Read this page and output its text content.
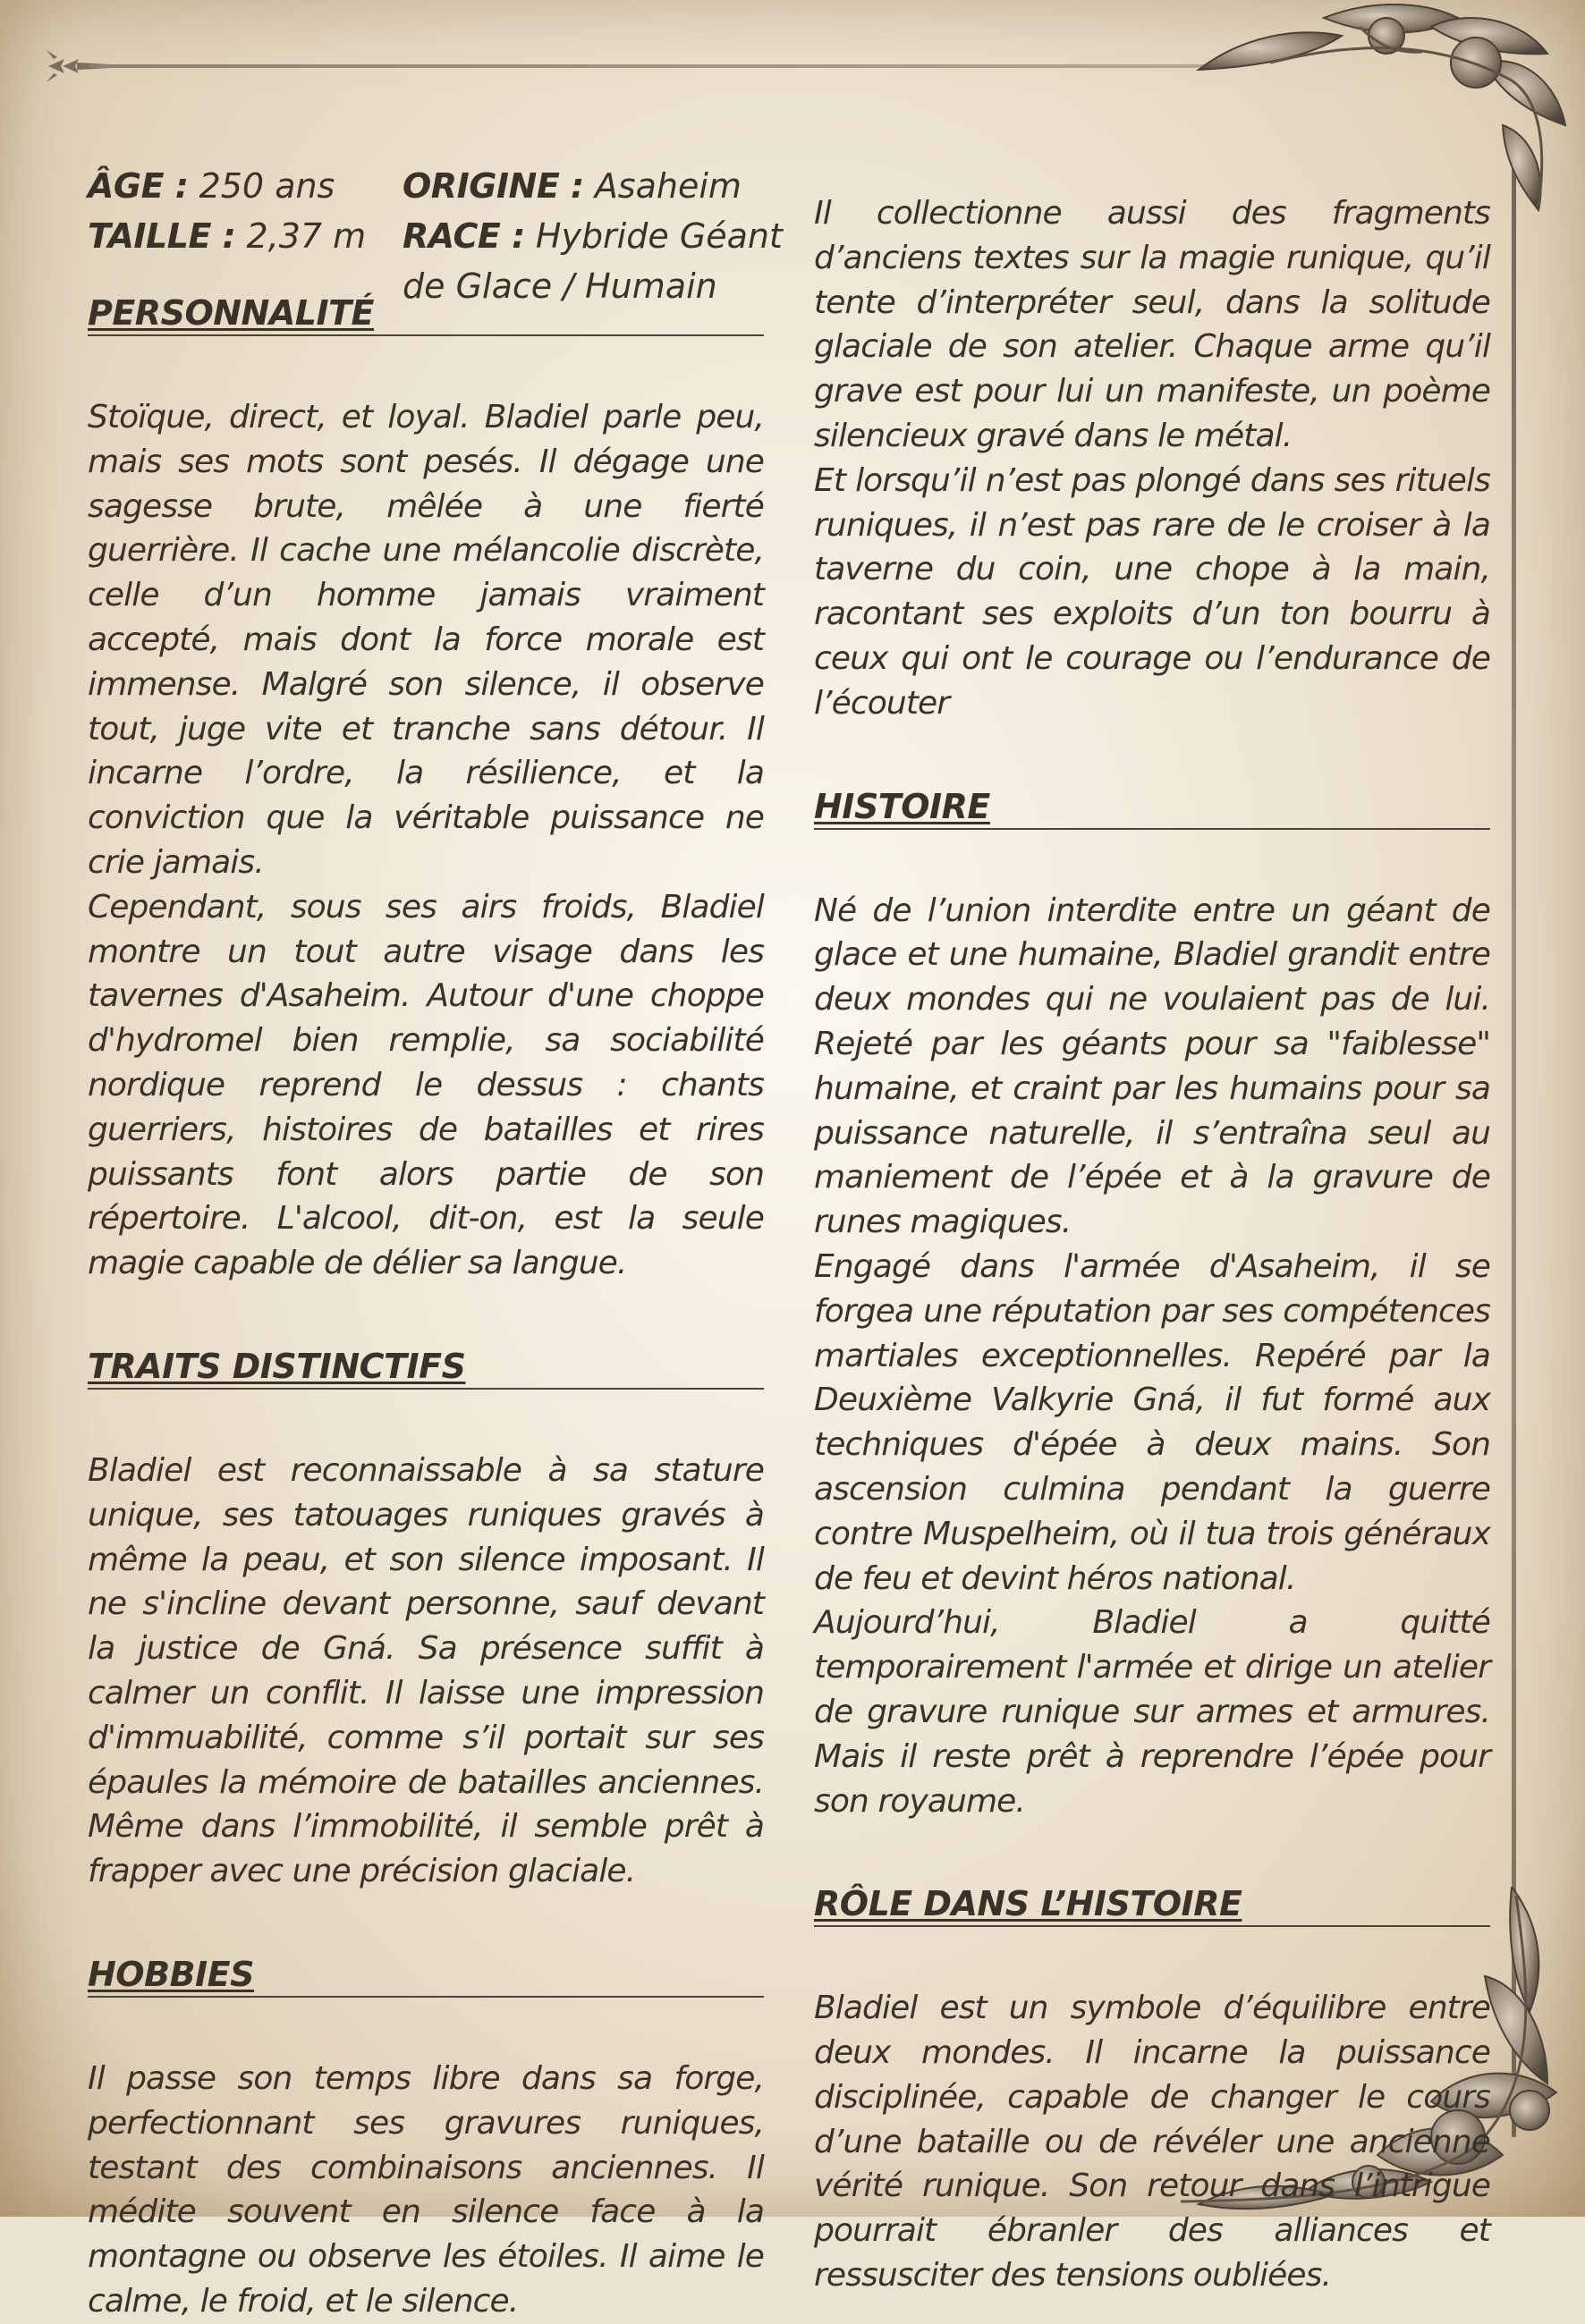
ÂGE : 250 ans
TAILLE : 2,37 m
ORIGINE : Asaheim
RACE : Hybride Géant
de Glace / Humain
PERSONNALITÉ

Stoïque, direct, et loyal. Bladiel parle peu, mais ses mots sont pesés. Il dégage une sagesse brute, mêlée à une fierté guerrière. Il cache une mélancolie discrète, celle d’un homme jamais vraiment accepté, mais dont la force morale est immense. Malgré son silence, il observe tout, juge vite et tranche sans détour. Il incarne l’ordre, la résilience, et la conviction que la véritable puissance ne crie jamais.

Cependant, sous ses airs froids, Bladiel montre un tout autre visage dans les tavernes d'Asaheim. Autour d'une choppe d'hydromel bien remplie, sa sociabilité nordique reprend le dessus : chants guerriers, histoires de batailles et rires puissants font alors partie de son répertoire. L'alcool, dit-on, est la seule magie capable de délier sa langue.

TRAITS DISTINCTIFS

Bladiel est reconnaissable à sa stature unique, ses tatouages runiques gravés à même la peau, et son silence imposant. Il ne s'incline devant personne, sauf devant la justice de Gná. Sa présence suffit à calmer un conflit. Il laisse une impression d'immuabilité, comme s’il portait sur ses épaules la mémoire de batailles anciennes. Même dans l’immobilité, il semble prêt à frapper avec une précision glaciale.

HOBBIES

Il passe son temps libre dans sa forge, perfectionnant ses gravures runiques, testant des combinaisons anciennes. Il médite souvent en silence face à la montagne ou observe les étoiles. Il aime le calme, le froid, et le silence.

Il collectionne aussi des fragments d’anciens textes sur la magie runique, qu’il tente d’interpréter seul, dans la solitude glaciale de son atelier. Chaque arme qu’il grave est pour lui un manifeste, un poème silencieux gravé dans le métal.

Et lorsqu’il n’est pas plongé dans ses rituels runiques, il n’est pas rare de le croiser à la taverne du coin, une chope à la main, racontant ses exploits d’un ton bourru à ceux qui ont le courage ou l’endurance de l’écouter

HISTOIRE

Né de l’union interdite entre un géant de glace et une humaine, Bladiel grandit entre deux mondes qui ne voulaient pas de lui. Rejeté par les géants pour sa "faiblesse" humaine, et craint par les humains pour sa puissance naturelle, il s’entraîna seul au maniement de l’épée et à la gravure de runes magiques.

Engagé dans l'armée d'Asaheim, il se forgea une réputation par ses compétences martiales exceptionnelles. Repéré par la Deuxième Valkyrie Gná, il fut formé aux techniques d'épée à deux mains. Son ascension culmina pendant la guerre contre Muspelheim, où il tua trois généraux de feu et devint héros national.

Aujourd’hui, Bladiel a quitté temporairement l'armée et dirige un atelier de gravure runique sur armes et armures. Mais il reste prêt à reprendre l’épée pour son royaume.

RÔLE DANS L’HISTOIRE

Bladiel est un symbole d’équilibre entre deux mondes. Il incarne la puissance disciplinée, capable de changer le cours d’une bataille ou de révéler une ancienne vérité runique. Son retour dans l’intrigue pourrait ébranler des alliances et ressusciter des tensions oubliées.
